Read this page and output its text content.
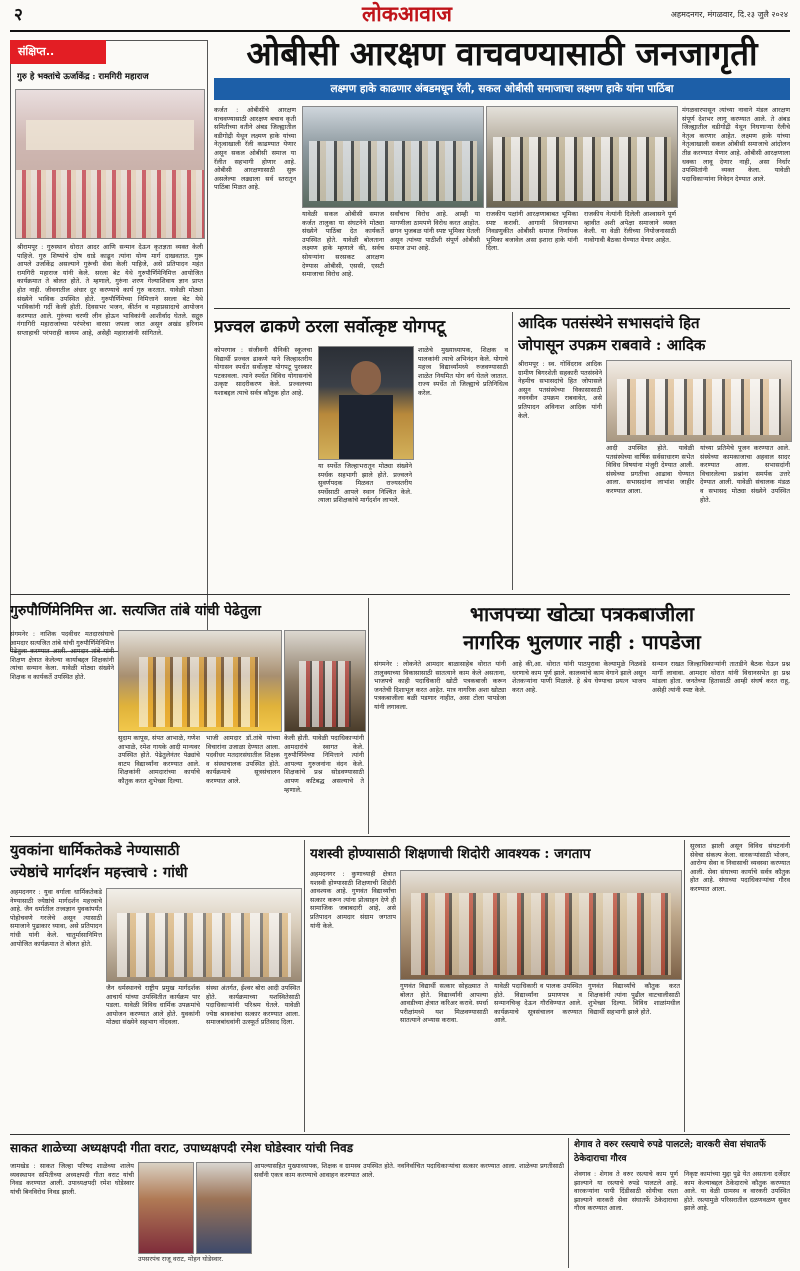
२	लोकआवाज	अहमदनगर, मंगळवार, दि.२३ जुलै २०२४
संक्षिप्त..
गुरु हे भक्तांचे ऊर्जाकेंद्र : रामगिरी महाराज
श्रीरामपूर : गुरुस्थान धोरात आदर आणि सन्मान देऊन कृतज्ञता व्यक्त केली पाहिजे. गुरु शिष्यांचे दोष धाडे काढून त्यांना योग्य मार्ग दाखवतात. गुरू आपले उर्जाकेंद्र असल्याने गुरूंची सेवा केली पाहिजे, असे प्रतिपादन महंत रामगिरी महाराज यांनी केले. सरला बेट येथे गुरुपौर्णिमेनिमित्त आयोजित कार्यक्रमात ते बोलत होते. ते म्हणाले, गुरुंना शरण गेल्याशिवाय ज्ञान प्राप्त होत नाही. जीवनातील अंधार दूर करण्याचे कार्य गुरु करतात. यावेळी मोठ्या संख्येने भाविक उपस्थित होते. गुरुपौर्णिमेच्या निमित्ताने सरला बेट येथे भाविकांनी गर्दी केली होती. दिवसभर भजन, कीर्तन व महाप्रसादाचे आयोजन करण्यात आले. गुरुंच्या चरणी लीन होऊन भाविकांनी आशीर्वाद घेतले. सद्गुरु गंगागिरी महाराजांच्या परंपरेचा वारसा जपला जात असून अखंड हरिनाम सप्ताहाची परंपराही कायम आहे, असेही महाराजांनी सांगितले.
ओबीसी आरक्षण वाचवण्यासाठी जनजागृती
लक्ष्मण हाके काढणार अंबडमधून रॅली, सकल ओबीसी समाजाचा लक्ष्मण हाके यांना पाठिंबा
कर्जत : ओबीसींचे आरक्षण वाचवण्यासाठी आरक्षण बचाव कृती समितीच्या वतीने अंबड जिल्ह्यातील वडीगोद्री येथून लक्ष्मण हाके यांच्या नेतृत्वाखाली रॅली काढण्यात येणार असून सकल ओबीसी समाज या रॅलीत सहभागी होणार आहे. ओबीसी आरक्षणासाठी सुरू असलेल्या लढ्याला सर्व स्तरातून पाठिंबा मिळत आहे.
यावेळी सकल ओबीसी समाज कर्जत तालुका या संघटनेने मोठ्या संख्येने पाठिंबा देत कार्यकर्ते उपस्थित होते. यावेळी बोलताना लक्ष्मण हाके म्हणाले की, सर्वच सोयऱ्यांना सरसकट आरक्षण देण्यास ओबीसी, एससी, एसटी समाजाचा विरोध आहे.
सर्वांचाच विरोध आहे. आम्ही या मागणीला ठामपणे विरोध करत आहोत. छगन भुजबळ यांनी स्पष्ट भूमिका घेतली असून त्यांच्या पाठीशी संपूर्ण ओबीसी समाज उभा आहे.
राजकीय पक्षांनी आरक्षणाबाबत भूमिका स्पष्ट करावी. आगामी विधानसभा निवडणुकीत ओबीसी समाज निर्णायक भूमिका बजावेल असा इशारा हाके यांनी दिला.
राजकीय नेत्यांनी दिलेली आश्वासने पूर्ण व्हावीत अशी अपेक्षा समाजाने व्यक्त केली. या वेळी रॅलीच्या नियोजनासाठी गावोगावी बैठका घेण्यात येणार आहेत.
मंगळवारपासून त्यांच्या नावाने मंडल आरक्षण संपूर्ण देशभर लागू करण्यात आले. ते अंबड जिल्ह्यातील वडीगोद्री येथून निघणाऱ्या रॅलीचे नेतृत्व करणार आहेत. लक्ष्मण हाके यांच्या नेतृत्वाखाली सकल ओबीसी समाजाचे आंदोलन तीव्र करण्यात येणार आहे. ओबीसी आरक्षणाला धक्का लावू देणार नाही, असा निर्धार उपस्थितांनी व्यक्त केला. यावेळी पदाधिकाऱ्यांना निवेदन देण्यात आले.
प्रज्वल ढाकणे ठरला सर्वोत्कृष्ट योगपटू
कोपरगाव : संजीवनी सैनिकी स्कूलचा विद्यार्थी प्रज्वल ढाकणे याने जिल्हास्तरीय योगासन स्पर्धेत सर्वोत्कृष्ट योगपटू पुरस्कार पटकावला. त्याने स्पर्धेत विविध योगासनांचे उत्कृष्ट सादरीकरण केले. प्रज्वलच्या यशाबद्दल त्याचे सर्वत्र कौतुक होत आहे.
या स्पर्धेत जिल्हाभरातून मोठ्या संख्येने स्पर्धक सहभागी झाले होते. प्रज्वलने सुवर्णपदक मिळवत राज्यस्तरीय स्पर्धेसाठी आपले स्थान निश्चित केले. त्याला प्रशिक्षकांचे मार्गदर्शन लाभले.
शाळेचे मुख्याध्यापक, शिक्षक व पालकांनी त्याचे अभिनंदन केले. योगाचे महत्त्व विद्यार्थ्यांमध्ये रुजवण्यासाठी शाळेत नियमित योग वर्ग घेतले जातात. राज्य स्पर्धेत तो जिल्ह्याचे प्रतिनिधित्व करेल.
आदिक पतसंस्थेने सभासदांचे हित
जोपासून उपक्रम राबवावे : आदिक
श्रीरामपूर : स्व. गोविंदराव आदिक ग्रामीण बिगरशेती सहकारी पतसंस्थेने नेहमीच सभासदांचे हित जोपासले असून पतसंस्थेच्या विकासासाठी नवनवीन उपक्रम राबवावेत, असे प्रतिपादन अविनाश आदिक यांनी केले.
आदी उपस्थित होते. यावेळी पतसंस्थेच्या वार्षिक सर्वसाधारण सभेत विविध विषयांना मंजुरी देण्यात आली. संस्थेच्या प्रगतीचा आढावा घेण्यात आला. सभासदांना लाभांश जाहीर करण्यात आला.
यांच्या प्रतिमेचे पूजन करण्यात आले. संस्थेच्या कामकाजाचा अहवाल सादर करण्यात आला. सभासदांनी विचारलेल्या प्रश्नांना समर्पक उत्तरे देण्यात आली. यावेळी संचालक मंडळ व सभासद मोठ्या संख्येने उपस्थित होते.
गुरुपौर्णिमेनिमित्त आ. सत्यजित तांबे यांची पेढेतुला
संगमनेर : नाशिक पदवीधर मतदारसंघाचे आमदार सत्यजित तांबे यांची गुरुपौर्णिमेनिमित्त पेढेतुला करण्यात आली. आमदार तांबे यांनी शिक्षण क्षेत्रात केलेल्या कार्याबद्दल शिक्षकांनी त्यांचा सन्मान केला. यावेळी मोठ्या संख्येने शिक्षक व कार्यकर्ते उपस्थित होते.
सुदाम कापूस, संपत आभाळे, गणेश आभाळे, रमेश गायके आदी मान्यवर उपस्थित होते. पेढेतुलेनंतर पेढ्यांचे वाटप विद्यार्थ्यांना करण्यात आले. शिक्षकांनी आमदारांच्या कार्याचे कौतुक करत शुभेच्छा दिल्या.
भाजी आमदार डॉ.तांबे यांच्या विचारांना उजाळा देण्यात आला. पदवीधर मतदारसंघातील शिक्षक व संस्थाचालक उपस्थित होते. कार्यक्रमाचे सूत्रसंचालन करण्यात आले.
केली होती. यावेळी पदाधिकाऱ्यांनी आमदारांचे स्वागत केले. गुरुपौर्णिमेच्या निमित्ताने त्यांनी आपल्या गुरुजनांना वंदन केले. शिक्षकांचे प्रश्न सोडवण्यासाठी आपण कटिबद्ध असल्याचे ते म्हणाले.
भाजपच्या खोट्या पत्रकबाजीला
नागरिक भुलणार नाही : पापडेजा
संगमनेर : लोकनेते आमदार बाळासाहेब थोरात यांनी तालुक्याच्या विकासासाठी सातत्याने काम केले असताना, भाजपचे काही पदाधिकारी खोटी पत्रकबाजी करून जनतेची दिशाभूल करत आहेत. मात्र नागरिक अशा खोट्या पत्रकबाजीला बळी पडणार नाहीत, असा टोला पापडेजा यांनी लगावला.
आहे की,आ. थोरात यांनी पाठपुरावा केल्यामुळे निळवंडे धरणाचे काम पूर्ण झाले. कालव्यांचे काम वेगाने झाले असून शेतकऱ्यांना पाणी मिळाले. हे श्रेय घेण्याचा प्रयत्न भाजप करत आहे.
सन्मान राखत जिल्हाधिकाऱ्यांनी तातडीने बैठक घेऊन प्रश्न मार्गी लावावा. आमदार थोरात यांनी विधानसभेत हा प्रश्न मांडला होता. जनतेच्या हितासाठी आम्ही संघर्ष करत राहू, असेही त्यांनी स्पष्ट केले.
युवकांना धार्मिकतेकडे नेण्यासाठी
ज्येष्ठांचे मार्गदर्शन महत्त्वाचे : गांधी
अहमदनगर : युवा वर्गाला धार्मिकतेकडे नेण्यासाठी ज्येष्ठांचे मार्गदर्शन महत्त्वाचे आहे. जैन धर्मातील तत्त्वज्ञान युवकांपर्यंत पोहोचवणे गरजेचे असून त्यासाठी समाजाने पुढाकार घ्यावा, असे प्रतिपादन गांधी यांनी केले. चातुर्मासानिमित्त आयोजित कार्यक्रमात ते बोलत होते.
जैन धर्मस्थानचे राष्ट्रीय प्रमुख मार्गदर्शक आचार्य यांच्या उपस्थितीत कार्यक्रम पार पडला. यावेळी विविध धार्मिक उपक्रमांचे आयोजन करण्यात आले होते. युवकांनी मोठ्या संख्येने सहभाग नोंदवला.
संस्था अंतर्गत, ईश्वर बोरा आदी उपस्थित होते. कार्यक्रमाच्या यशस्वितेसाठी पदाधिकाऱ्यांनी परिश्रम घेतले. यावेळी ज्येष्ठ श्रावकांचा सत्कार करण्यात आला. समाजबांधवांनी उत्स्फूर्त प्रतिसाद दिला.
यशस्वी होण्यासाठी शिक्षणाची शिदोरी आवश्यक : जगताप
अहमदनगर : कुणाच्याही क्षेत्रात यशस्वी होण्यासाठी शिक्षणाची शिदोरी आवश्यक आहे. गुणवंत विद्यार्थ्यांचा सत्कार करून त्यांना प्रोत्साहन देणे ही सामाजिक जबाबदारी आहे, असे प्रतिपादन आमदार संग्राम जगताप यांनी केले.
गुणवंत विद्यार्थी सत्कार सोहळ्यात ते बोलत होते. विद्यार्थ्यांनी आपल्या आवडीच्या क्षेत्रात करिअर करावे. स्पर्धा परीक्षांमध्ये यश मिळवण्यासाठी सातत्याने अभ्यास करावा.
यावेळी पदाधिकारी व पालक उपस्थित होते. विद्यार्थ्यांना प्रमाणपत्र व सन्मानचिन्ह देऊन गौरविण्यात आले. कार्यक्रमाचे सूत्रसंचालन करण्यात आले.
गुणवंत विद्यार्थ्यांचे कौतुक करत शिक्षकांनी त्यांना पुढील वाटचालीसाठी शुभेच्छा दिल्या. विविध शाळांमधील विद्यार्थी सहभागी झाले होते.
सुरवात झाली असून विविध संघटनांनी सेवेचा संकल्प केला. वारकऱ्यांसाठी भोजन, आरोग्य सेवा व निवासाची व्यवस्था करण्यात आली. सेवा संघाच्या कार्याचे सर्वत्र कौतुक होत आहे. संघाच्या पदाधिकाऱ्यांचा गौरव करण्यात आला.
साकत शाळेच्या अध्यक्षपदी गीता वराट, उपाध्यक्षपदी रमेश घोडेस्वार यांची निवड
जामखेड : साकत जिल्हा परिषद शाळेच्या शालेय व्यवस्थापन समितीच्या अध्यक्षपदी गीता वराट यांची निवड करण्यात आली. उपाध्यक्षपदी रमेश घोडेस्वार यांची बिनविरोध निवड झाली.
उपसरपंच राजू वराट, मोहन घोडेस्वार.
आपल्यासहित मुख्याध्यापक, शिक्षक व ग्रामस्थ उपस्थित होते. नवनिर्वाचित पदाधिकाऱ्यांचा सत्कार करण्यात आला. शाळेच्या प्रगतीसाठी सर्वांनी एकत्र काम करण्याचे आवाहन करण्यात आले.
शेगाव ते वरुर रस्त्याचे रुपडे पालटले; वारकरी सेवा संघातर्फे ठेकेदाराचा गौरव
शेवगाव : शेगाव ते वरुर रस्त्याचे काम पूर्ण झाल्याने या रस्त्याचे रुपडे पालटले आहे. वारकऱ्यांना पायी दिंडीसाठी सोयीचा रस्ता झाल्याने वारकरी सेवा संघातर्फे ठेकेदाराचा गौरव करण्यात आला.
निकृष्ट कामांच्या मुद्दा पुढे येत असताना दर्जेदार काम केल्याबद्दल ठेकेदाराचे कौतुक करण्यात आले. या वेळी ग्रामस्थ व वारकरी उपस्थित होते. रस्त्यामुळे परिसरातील दळणवळण सुकर झाले आहे.
